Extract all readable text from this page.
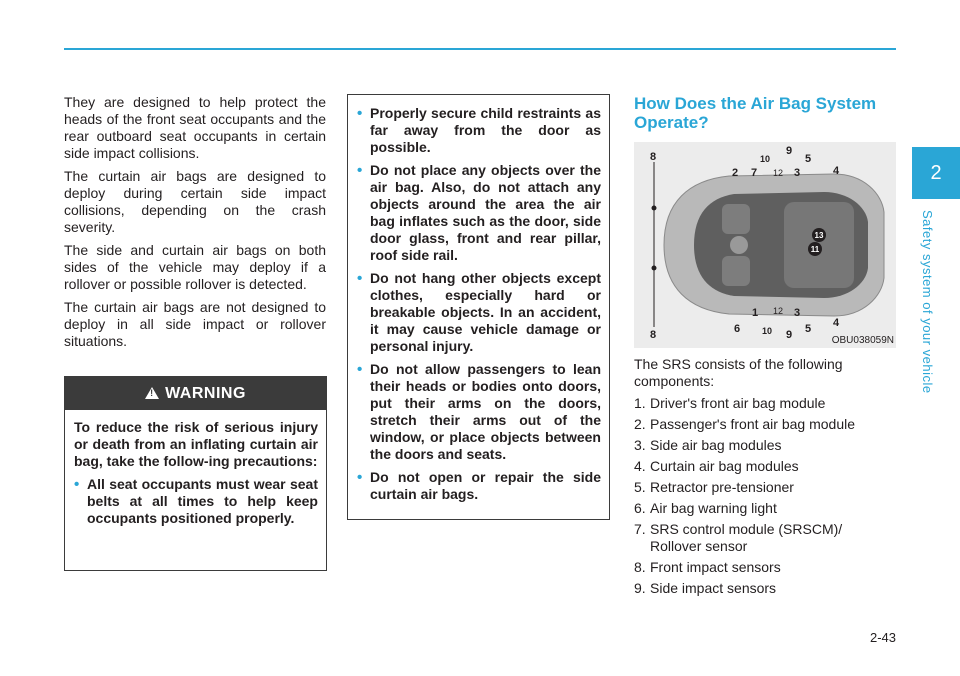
2
Safety system of your vehicle

They are designed to help protect the heads of the front seat occupants and the rear outboard seat occupants in certain side impact collisions.

The curtain air bags are designed to deploy during certain side impact collisions, depending on the crash severity.

The side and curtain air bags on both sides of the vehicle may deploy if a rollover or possible rollover is detected.

The curtain air bags are not designed to deploy in all side impact or rollover situations.

!
WARNING

To reduce the risk of serious injury or death from an inflating curtain air bag, take the follow-ing precautions:

• All seat occupants must wear seat belts at all times to help keep occupants positioned properly.
• Properly secure child restraints as far away from the door as possible.
• Do not place any objects over the air bag. Also, do not attach any objects around the area the air bag inflates such as the door, side door glass, front and rear pillar, roof side rail.
• Do not hang other objects except clothes, especially hard or breakable objects. In an accident, it may cause vehicle damage or personal injury.
• Do not allow passengers to lean their heads or bodies onto doors, put their arms on the doors, stretch their arms out of the window, or place objects between the doors and seats.
• Do not open or repair the side curtain air bags.
How Does the Air Bag System Operate?
8
2 7
10
12
9
3
5
4
8	6
1
10
12
9
3
5 4
11
13
OBU038059N

The SRS consists of the following components:

1. Driver's front air bag module
2. Passenger's front air bag module
3. Side air bag modules
4. Curtain air bag modules
5. Retractor pre-tensioner
6. Air bag warning light
7. SRS control module (SRSCM)/ Rollover sensor
8. Front impact sensors
9. Side impact sensors
2-43
